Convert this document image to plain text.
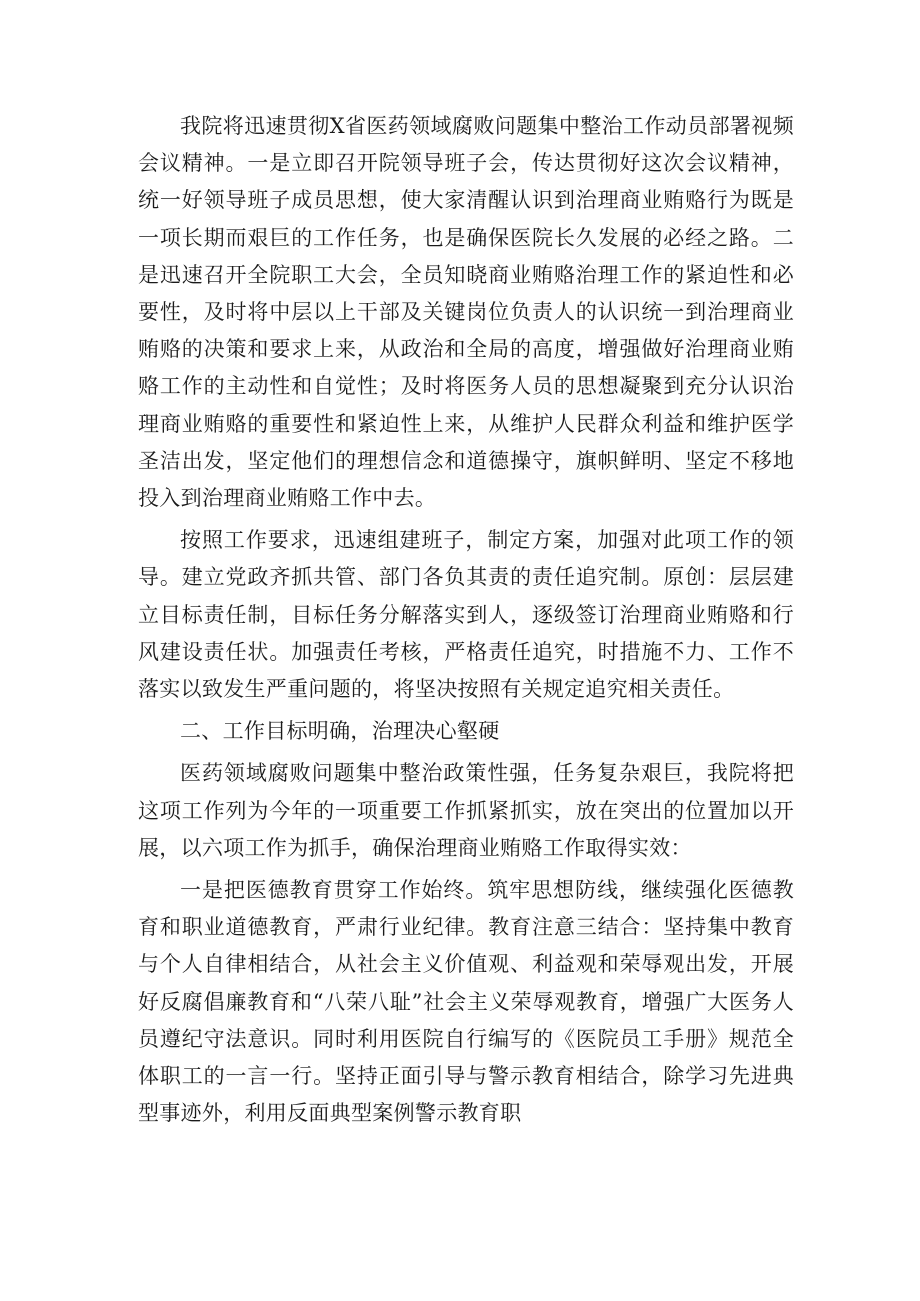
我院将迅速贯彻X省医药领域腐败问题集中整治工作动员部署视频会议精神。一是立即召开院领导班子会，传达贯彻好这次会议精神，统一好领导班子成员思想，使大家清醒认识到治理商业贿赂行为既是一项长期而艰巨的工作任务，也是确保医院长久发展的必经之路。二是迅速召开全院职工大会，全员知晓商业贿赂治理工作的紧迫性和必要性，及时将中层以上干部及关键岗位负责人的认识统一到治理商业贿赂的决策和要求上来，从政治和全局的高度，增强做好治理商业贿赂工作的主动性和自觉性；及时将医务人员的思想凝聚到充分认识治理商业贿赂的重要性和紧迫性上来，从维护人民群众利益和维护医学圣洁出发，坚定他们的理想信念和道德操守，旗帜鲜明、坚定不移地投入到治理商业贿赂工作中去。

按照工作要求，迅速组建班子，制定方案，加强对此项工作的领导。建立党政齐抓共管、部门各负其责的责任追究制。原创：层层建立目标责任制，目标任务分解落实到人，逐级签订治理商业贿赂和行风建设责任状。加强责任考核，严格责任追究，时措施不力、工作不落实以致发生严重问题的，将坚决按照有关规定追究相关责任。

二、工作目标明确，治理决心壑硬

医药领域腐败问题集中整治政策性强，任务复杂艰巨，我院将把这项工作列为今年的一项重要工作抓紧抓实，放在突出的位置加以开展，以六项工作为抓手，确保治理商业贿赂工作取得实效：

一是把医德教育贯穿工作始终。筑牢思想防线，继续强化医德教育和职业道德教育，严肃行业纪律。教育注意三结合：坚持集中教育与个人自律相结合，从社会主义价值观、利益观和荣辱观出发，开展好反腐倡廉教育和“八荣八耻”社会主义荣辱观教育，增强广大医务人员遵纪守法意识。同时利用医院自行编写的《医院员工手册》规范全体职工的一言一行。坚持正面引导与警示教育相结合，除学习先进典型事迹外，利用反面典型案例警示教育职
